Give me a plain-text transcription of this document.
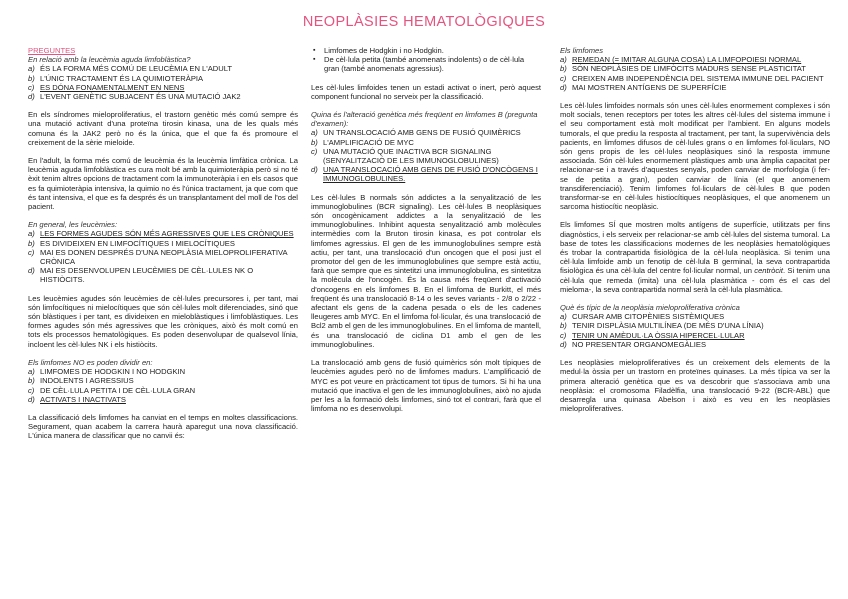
NEOPLÀSIES HEMATOLÒGIQUES
PREGUNTES
En relació amb la leucèmia aguda limfoblàstica?
a) ÉS LA FORMA MÉS COMÚ DE LEUCÈMIA EN L'ADULT
b) L'ÚNIC TRACTAMENT ÉS LA QUIMIOTERÀPIA
c) ES DÓNA FONAMENTALMENT EN NENS
d) L'EVENT GENÈTIC SUBJACENT ÉS UNA MUTACIÓ JAK2

En els síndromes mieloproliferatius, el trastorn genètic més comú sempre és una mutació activant d'una proteïna tirosin kinasa, una de les quals més comuna és la JAK2 però no és la única, que el que fa és promoure el creixement de la sèrie mieloide.

En l'adult, la forma més comú de leucèmia és la leucèmia limfàtica crònica. La leucèmia aguda limfoblàstica es cura molt bé amb la quimioteràpia però si no té èxit tenim altres opcions de tractament com la immunoteràpia i en els casos que es fa quimioteràpia intensiva, la quimio no és l'única tractament, ja que com que és tant intensiva, el que es fa després és un transplantament del moll de l'os del pacient.

En general, les leucèmies:
a) LES FORMES AGUDES SÓN MÉS AGRESSIVES QUE LES CRÒNIQUES
b) ES DIVIDEIXEN EN LIMFOCÍTIQUES I MIELOCÍTIQUES
c) MAI ES DONEN DESPRÉS D'UNA NEOPLÀSIA MIELOPROLIFERATIVA CRÒNICA
d) MAI ES DESENVOLUPEN LEUCÈMIES DE CÈL·LULES NK O HISTIÒCITS.

Les leucèmies agudes són leucèmies de cèl·lules precursores i, per tant, mai són limfocítiques ni mielocítiques que són cèl·lules molt diferenciades, sinó que són blàstiques i per tant, es divideixen en mieloblàstiques i limfoblàstiques. Les formes agudes són més agressives que les cròniques, això és molt comú en tots els processos hematològiques. Es poden desenvolupar de qualsevol línia, incloent les cèl·lules NK i els histiòcits.

Els limfomes NO es poden dividir en:
a) LIMFOMES DE HODGKIN I NO HODGKIN
b) INDOLENTS I AGRESSIUS
c) DE CÈL·LULA PETITA I DE CÈL·LULA GRAN
d) ACTIVATS I INACTIVATS

La classificació dels limfomes ha canviat en el temps en moltes classificacions. Segurament, quan acabem la carrera haurà aparegut una nova classificació. L'única manera de classificar que no canvii és:

▪ Limfomes de Hodgkin i no Hodgkin.
▪ De cèl·lula petita (també anomenats indolents) o de cèl·lula gran (també anomenats agressius).

Les cèl·lules limfoides tenen un estadi activat o inert, però aquest component funcional no serveix per la classificació.

Quina és l'alteració genètica més freqüent en limfomes B (pregunta d'examen):
a) UN TRANSLOCACIÓ AMB GENS DE FUSIÓ QUIMÈRICS
b) L'AMPLIFICACIÓ DE MYC
c) UNA MUTACIÓ QUE INACTIVA BCR SIGNALING (SENYALITZACIÓ DE LES IMMUNOGLOBULINES)
d) UNA TRANSLOCACIÓ AMB GENS DE FUSIÓ D'ONCÒGENS I IMMUNOGLOBULINES.

Les cèl·lules B normals són addictes a la senyalització de les immunoglobulines (BCR signaling). Les cèl·lules B neoplàsiques són oncogènicament addictes a la senyalització de les immunoglobulines. Inhibint aquesta senyalització amb molècules intermèdies com la Bruton tirosin kinasa, es pot controlar els limfomes agressius. El gen de les immunoglobulines sempre està actiu, per tant, una translocació d'un oncogen que el posi just el promotor del gen de les immunoglobulines que sempre està actiu, farà que sempre que es sintetitzi una immunoglobulina, es sintetitza la molècula de l'oncogèn. És la causa més freqüent d'activació d'oncogens en els limfomes B. En el limfoma de Burkitt, el més freqüent és una translocació 8-14 o les seves variants - 2/8 o 2/22 - afectant els gens de la cadena pesada o els de les cadenes lleugeres amb MYC. En el limfoma fol·licular, és una translocació de Bcl2 amb el gen de les immunoglobulines. En el limfoma de mantell, és una translocació de ciclina D1 amb el gen de les immunoglobulines.

La translocació amb gens de fusió quimèrics són molt típiques de leucèmies agudes però no de limfomes madurs. L'amplificació de MYC es pot veure en pràcticament tot tipus de tumors. Si hi ha una mutació que inactiva el gen de les immunoglobulines, això no ajuda per les a la formació dels limfomes, sinó tot el contrari, farà que el limfoma no es desenvolupi.

Els limfomes
a) REMEDAN (= IMITAR ALGUNA COSA) LA LIMFOPOIESI NORMAL
b) SÓN NEOPLÀSIES DE LIMFÒCITS MADURS SENSE PLASTICITAT
c) CREIXEN AMB INDEPENDÈNCIA DEL SISTEMA IMMUNE DEL PACIENT
d) MAI MOSTREN ANTÍGENS DE SUPERFÍCIE

Les cèl·lules limfoides normals són unes cèl·lules enormement complexes i són molt socials, tenen receptors per totes les altres cèl·lules del sistema immune i el seu comportament està molt modificat per l'ambient. En alguns models tumorals, el que prediu la resposta al tractament, per tant, la supervivència dels pacients, en limfomes difusos de cèl·lules grans o en limfomes fol·liculars, NO són gens propis de les cèl·lules neoplàsiques sinó la resposta immune associada. Són cèl·lules enormement plàstiques amb una àmplia capacitat per relacionar-se i a través d'aquestes senyals, poden canviar de morfologia (i fer-se de petita a gran), poden canviar de línia (el que anomenem transdiferenciació). Tenim limfomes fol·liculars de cèl·lules B que poden transformar-se en cèl·lules histiocítiques neoplàsiques, el que anomenem un sarcoma histiocític neoplàsic.

Els limfomes SÍ que mostren molts antígens de superfície, utilitzats per fins diagnòstics, i els serveix per relacionar-se amb cèl·lules del sistema tumoral. La base de totes les classificacions modernes de les neoplàsies hematològiques és trobar la contrapartida fisiològica de la cèl·lula neoplàsica. Si tenim una cèl·lula limfoide amb un fenotip de cèl·lula B germinal, la seva contrapartida fisiològica és una cèl·lula del centre fol·licular normal, un centròcit. Si tenim una cèl·lula que remeda (imita) una cèl·lula plasmàtica - com és el cas del mieloma-, la seva contrapartida normal serà la cèl·lula plasmàtica.

Què és típic de la neoplàsia mieloproliferativa crònica
a) CURSAR AMB CITOPÈNIES SISTÈMIQUES
b) TENIR DISPLÀSIA MULTILÍNEA (DE MÉS D'UNA LÍNIA)
c) TENIR UN AMÈDUL·LA ÒSSIA HIPERCEL·LULAR
d) NO PRESENTAR ORGANOMEGÀLIES

Les neoplàsies mieloproliferatives és un creixement dels elements de la medul·la òssia per un trastorn en proteïnes quinases. La més típica va ser la primera alteració genètica que es va descobrir que s'associava amb una neoplàsia: el cromosoma Filadèlfia, una translocació 9-22 (BCR-ABL) que desarregla una quinasa Abelson i això es veu en les neoplàsies mieloproliferatives.
